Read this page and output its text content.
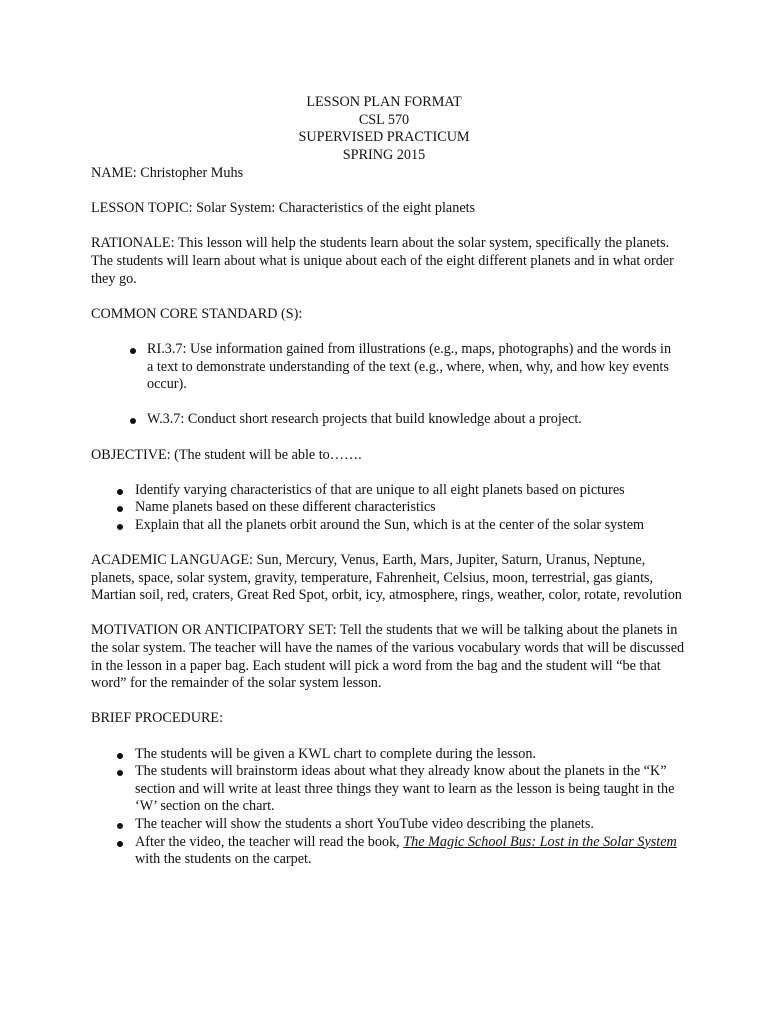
LESSON PLAN FORMAT
CSL 570
SUPERVISED PRACTICUM
SPRING 2015

NAME: Christopher Muhs

LESSON TOPIC: Solar System: Characteristics of the eight planets

RATIONALE: This lesson will help the students learn about the solar system, specifically the planets. The students will learn about what is unique about each of the eight different planets and in what order they go.

COMMON CORE STANDARD (S):

RI.3.7: Use information gained from illustrations (e.g., maps, photographs) and the words in a text to demonstrate understanding of the text (e.g., where, when, why, and how key events occur).
W.3.7: Conduct short research projects that build knowledge about a project.

OBJECTIVE: (The student will be able to…….

Identify varying characteristics of that are unique to all eight planets based on pictures
Name planets based on these different characteristics
Explain that all the planets orbit around the Sun, which is at the center of the solar system

ACADEMIC LANGUAGE: Sun, Mercury, Venus, Earth, Mars, Jupiter, Saturn, Uranus, Neptune, planets, space, solar system, gravity, temperature, Fahrenheit, Celsius, moon, terrestrial, gas giants, Martian soil, red, craters, Great Red Spot, orbit, icy, atmosphere, rings, weather, color, rotate, revolution

MOTIVATION OR ANTICIPATORY SET: Tell the students that we will be talking about the planets in the solar system. The teacher will have the names of the various vocabulary words that will be discussed in the lesson in a paper bag. Each student will pick a word from the bag and the student will “be that word” for the remainder of the solar system lesson.

BRIEF PROCEDURE:

The students will be given a KWL chart to complete during the lesson.
The students will brainstorm ideas about what they already know about the planets in the “K” section and will write at least three things they want to learn as the lesson is being taught in the ‘W’ section on the chart.
The teacher will show the students a short YouTube video describing the planets.
After the video, the teacher will read the book, The Magic School Bus: Lost in the Solar System with the students on the carpet.
